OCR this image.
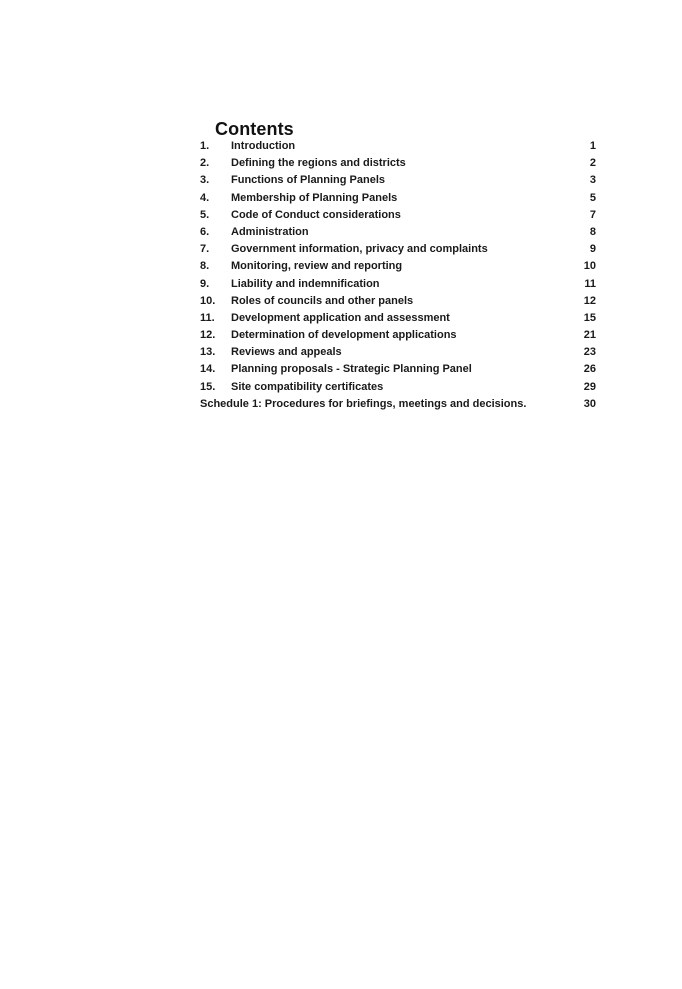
Contents
1. Introduction	1
2. Defining the regions and districts	2
3. Functions of Planning Panels	3
4. Membership of Planning Panels	5
5. Code of Conduct considerations	7
6. Administration	8
7. Government information, privacy and complaints	9
8. Monitoring, review and reporting	10
9. Liability and indemnification	11
10. Roles of councils and other panels	12
11. Development application and assessment	15
12. Determination of development applications	21
13. Reviews and appeals	23
14. Planning proposals - Strategic Planning Panel	26
15. Site compatibility certificates	29
Schedule 1: Procedures for briefings, meetings and decisions.	30
